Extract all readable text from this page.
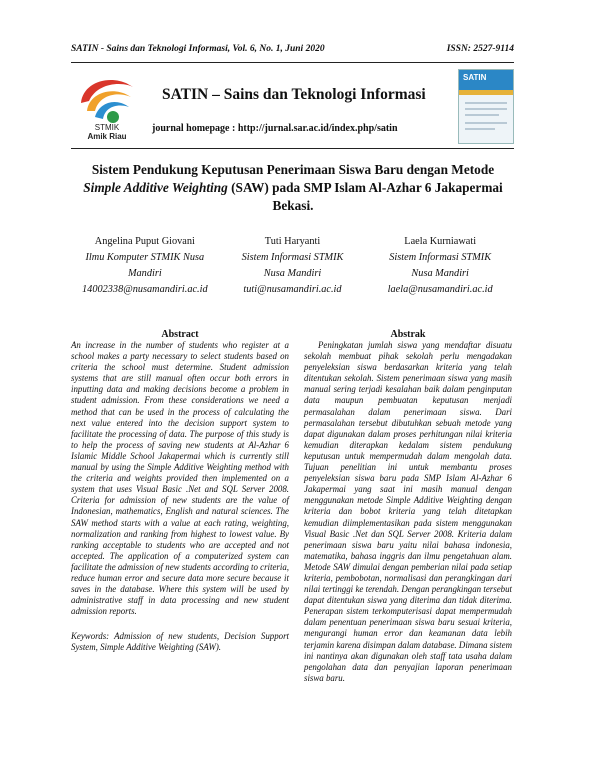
SATIN - Sains dan Teknologi Informasi, Vol. 6, No. 1, Juni 2020	ISSN: 2527-9114
STMIK
Amik Riau
SATIN – Sains dan Teknologi Informasi
journal homepage : http://jurnal.sar.ac.id/index.php/satin
SATIN
Sistem Pendukung Keputusan Penerimaan Siswa Baru dengan Metode Simple Additive Weighting (SAW) pada SMP Islam Al-Azhar 6 Jakapermai Bekasi.
Angelina Puput Giovani
Ilmu Komputer STMIK Nusa
Mandiri
14002338@nusamandiri.ac.id
Tuti Haryanti
Sistem Informasi STMIK
Nusa Mandiri
tuti@nusamandiri.ac.id
Laela Kurniawati
Sistem Informasi STMIK
Nusa Mandiri
laela@nusamandiri.ac.id
Abstract

An increase in the number of students who register at a school makes a party necessary to select students based on criteria the school must determine. Student admission systems that are still manual often occur both errors in inputting data and making decisions become a problem in student admission. From these considerations we need a method that can be used in the process of calculating the next value entered into the decision support system to facilitate the processing of data. The purpose of this study is to help the process of saving new students at Al-Azhar 6 Islamic Middle School Jakapermai which is currently still manual by using the Simple Additive Weighting method with the criteria and weights provided then implemented on a system that uses Visual Basic .Net and SQL Server 2008. Criteria for admission of new students are the value of Indonesian, mathematics, English and natural sciences. The SAW method starts with a value at each rating, weighting, normalization and ranking from highest to lowest value. By ranking acceptable to students who are accepted and not accepted. The application of a computerized system can facilitate the admission of new students according to criteria, reduce human error and secure data more secure because it saves in the database. Where this system will be used by administrative staff in data processing and new student admission reports.

Keywords: Admission of new students, Decision Support System, Simple Additive Weighting (SAW).

Abstrak

Peningkatan jumlah siswa yang mendaftar disuatu sekolah membuat pihak sekolah perlu mengadakan penyeleksian siswa berdasarkan kriteria yang telah ditentukan sekolah. Sistem penerimaan siswa yang masih manual sering terjadi kesalahan baik dalam penginputan data maupun pembuatan keputusan menjadi permasalahan dalam penerimaan siswa. Dari permasalahan tersebut dibutuhkan sebuah metode yang dapat digunakan dalam proses perhitungan nilai kriteria kemudian diterapkan kedalam sistem pendukung keputusan untuk mempermudah dalam mengolah data. Tujuan penelitian ini untuk membantu proses penyeleksian siswa baru pada SMP Islam Al-Azhar 6 Jakapermai yang saat ini masih manual dengan menggunakan metode Simple Additive Weighting dengan kriteria dan bobot kriteria yang telah ditetapkan kemudian diimplementasikan pada sistem menggunakan Visual Basic .Net dan SQL Server 2008. Kriteria dalam penerimaan siswa baru yaitu nilai bahasa indonesia, matematika, bahasa inggris dan ilmu pengetahuan alam. Metode SAW dimulai dengan pemberian nilai pada setiap kriteria, pembobotan, normalisasi dan perangkingan dari nilai tertinggi ke terendah. Dengan perangkingan tersebut dapat ditentukan siswa yang diterima dan tidak diterima. Penerapan sistem terkomputerisasi dapat mempermudah dalam penentuan penerimaan siswa baru sesuai kriteria, mengurangi human error dan keamanan data lebih terjamin karena disimpan dalam database. Dimana sistem ini nantinya akan digunakan oleh staff tata usaha dalam pengolahan data dan penyajian laporan penerimaan siswa baru.
